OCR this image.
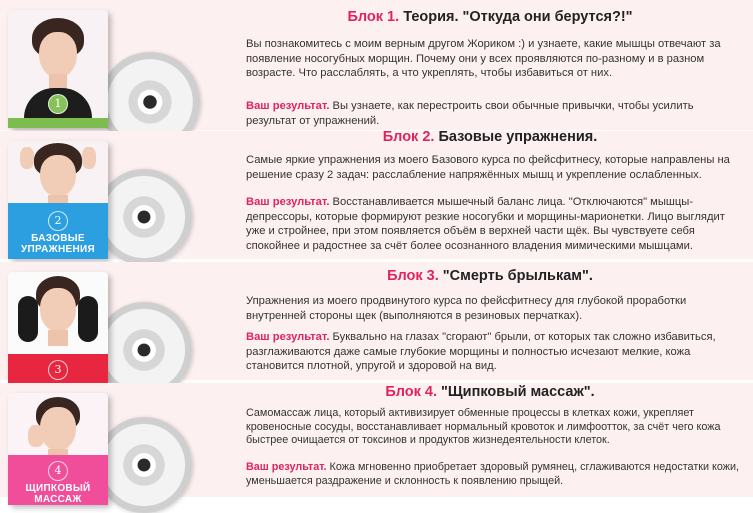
1
Блок 1. Теория. "Откуда они берутся?!"

Вы познакомитесь с моим верным другом Жориком :) и узнаете, какие мышцы отвечают за появление носогубных морщин. Почему они у всех проявляются по-разному и в разном возрасте. Что расслаблять, а что укреплять, чтобы избавиться от них.

Ваш результат. Вы узнаете, как перестроить свои обычные привычки, чтобы усилить результат от упражнений.

2
БАЗОВЫЕ УПРАЖНЕНИЯ
Блок 2. Базовые упражнения.

Самые яркие упражнения из моего Базового курса по фейсфитнесу, которые направлены на решение сразу 2 задач: расслабление напряжённых мышц и укрепление ослабленных.

Ваш результат. Восстанавливается мышечный баланс лица. "Отключаются" мышцы-депрессоры, которые формируют резкие носогубки и морщины-марионетки. Лицо выглядит уже и стройнее, при этом появляется объём в верхней части щёк. Вы чувствуете себя спокойнее и радостнее за счёт более осознанного владения мимическими мышцами.

3
Блок 3. "Смерть брылькам".

Упражнения из моего продвинутого курса по фейсфитнесу для глубокой проработки внутренней стороны щек (выполняются в резиновых перчатках).

Ваш результат. Буквально на глазах "сгорают" брыли, от которых так сложно избавиться, разглаживаются даже самые глубокие морщины и полностью исчезают мелкие, кожа становится плотной, упругой и здоровой на вид.

4
ЩИПКОВЫЙ МАССАЖ
Блок 4. "Щипковый массаж".

Самомассаж лица, который активизирует обменные процессы в клетках кожи, укрепляет кровеносные сосуды, восстанавливает нормальный кровоток и лимфоотток, за счёт чего кожа быстрее очищается от токсинов и продуктов жизнедеятельности клеток.

Ваш результат. Кожа мгновенно приобретает здоровый румянец, сглаживаются недостатки кожи, уменьшается раздражение и склонность к появлению прыщей.
